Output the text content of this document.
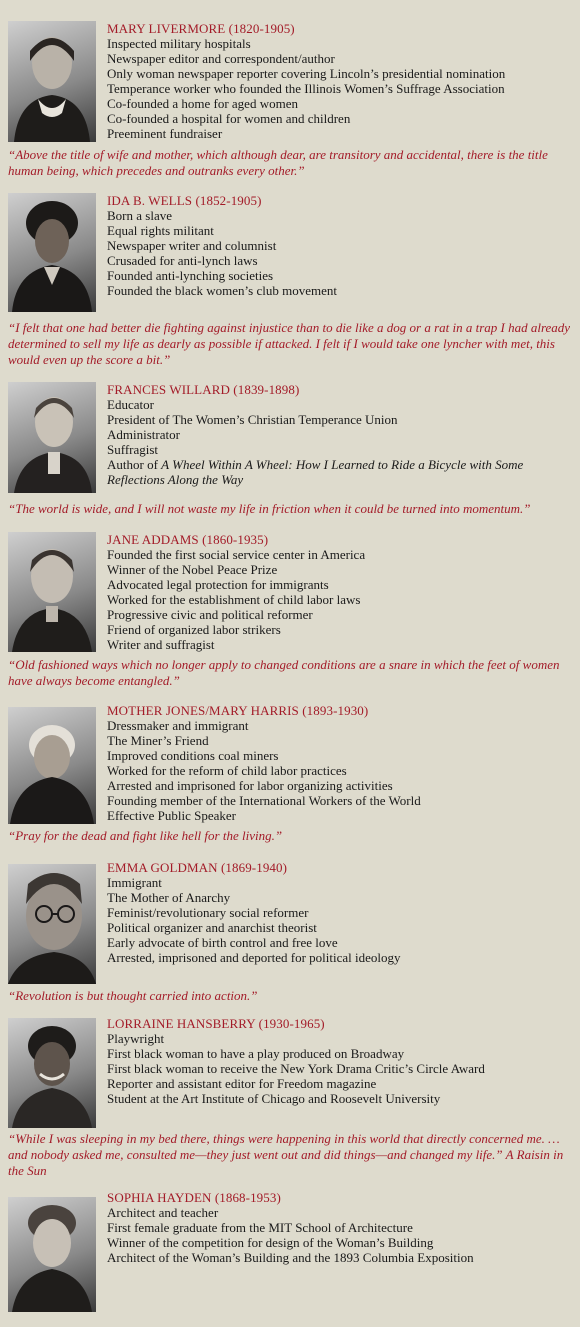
MARY LIVERMORE (1820-1905)
Inspected military hospitals
Newspaper editor and correspondent/author
Only woman newspaper reporter covering Lincoln’s presidential nomination
Temperance worker who founded the Illinois Women’s Suffrage Association
Co-founded a home for aged women
Co-founded a hospital for women and children
Preeminent fundraiser
“Above the title of wife and mother, which although dear, are transitory and accidental, there is the title human being, which precedes and outranks every other.”
IDA B. WELLS (1852-1905)
Born a slave
Equal rights militant
Newspaper writer and columnist
Crusaded for anti-lynch laws
Founded anti-lynching societies
Founded the black women’s club movement
“I felt that one had better die fighting against injustice than to die like a dog or a rat in a trap I had already determined to sell my life as dearly as possible if attacked. I felt if I would take one lyncher with met, this would even up the score a bit.”
FRANCES WILLARD (1839-1898)
Educator
President of The Women’s Christian Temperance Union
Administrator
Suffragist
Author of A Wheel Within A Wheel: How I Learned to Ride a Bicycle with Some Reflections Along the Way
“The world is wide, and I will not waste my life in friction when it could be turned into momentum.”
JANE ADDAMS (1860-1935)
Founded the first social service center in America
Winner of the Nobel Peace Prize
Advocated legal protection for immigrants
Worked for the establishment of child labor laws
Progressive civic and political reformer
Friend of organized labor strikers
Writer and suffragist
“Old fashioned ways which no longer apply to changed conditions are a snare in which the feet of women have always become entangled.”
MOTHER JONES/MARY HARRIS (1893-1930)
Dressmaker and immigrant
The Miner’s Friend
Improved conditions coal miners
Worked for the reform of child labor practices
Arrested and imprisoned for labor organizing activities
Founding member of the International Workers of the World
Effective Public Speaker
“Pray for the dead and fight like hell for the living.”
EMMA GOLDMAN (1869-1940)
Immigrant
The Mother of Anarchy
Feminist/revolutionary social reformer
Political organizer and anarchist theorist
Early advocate of birth control and free love
Arrested, imprisoned and deported for political ideology
“Revolution is but thought carried into action.”
LORRAINE HANSBERRY (1930-1965)
Playwright
First black woman to have a play produced on Broadway
First black woman to receive the New York Drama Critic’s Circle Award
Reporter and assistant editor for Freedom magazine
Student at the Art Institute of Chicago and Roosevelt University
“While I was sleeping in my bed there, things were happening in this world that directly concerned me. …and nobody asked me, consulted me—they just went out and did things—and changed my life.” A Raisin in the Sun
SOPHIA HAYDEN (1868-1953)
Architect and teacher
First female graduate from the MIT School of Architecture
Winner of the competition for design of the Woman’s Building
Architect of the Woman’s Building and the 1893 Columbia Exposition
